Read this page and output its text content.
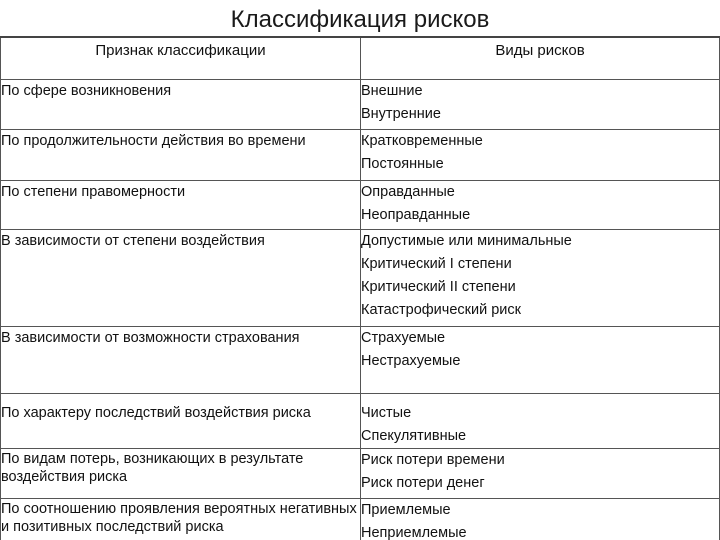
Классификация рисков
Признак классификации	Виды рисков
По сфере возникновения	Внешние
Внутренние

По продолжительности действия во времени	Кратковременные
Постоянные

По степени правомерности	Оправданные
Неоправданные

В зависимости от степени воздействия	Допустимые или минимальные
Критический I степени
Критический II степени
Катастрофический риск

В зависимости от возможности страхования	Страхуемые
Нестрахуемые

По характеру последствий воздействия риска	Чистые
Спекулятивные

По видам потерь, возникающих в результате воздействия риска	Риск потери времени
Риск потери денег

По соотношению проявления вероятных негативных и позитивных последствий риска	Приемлемые
Неприемлемые
